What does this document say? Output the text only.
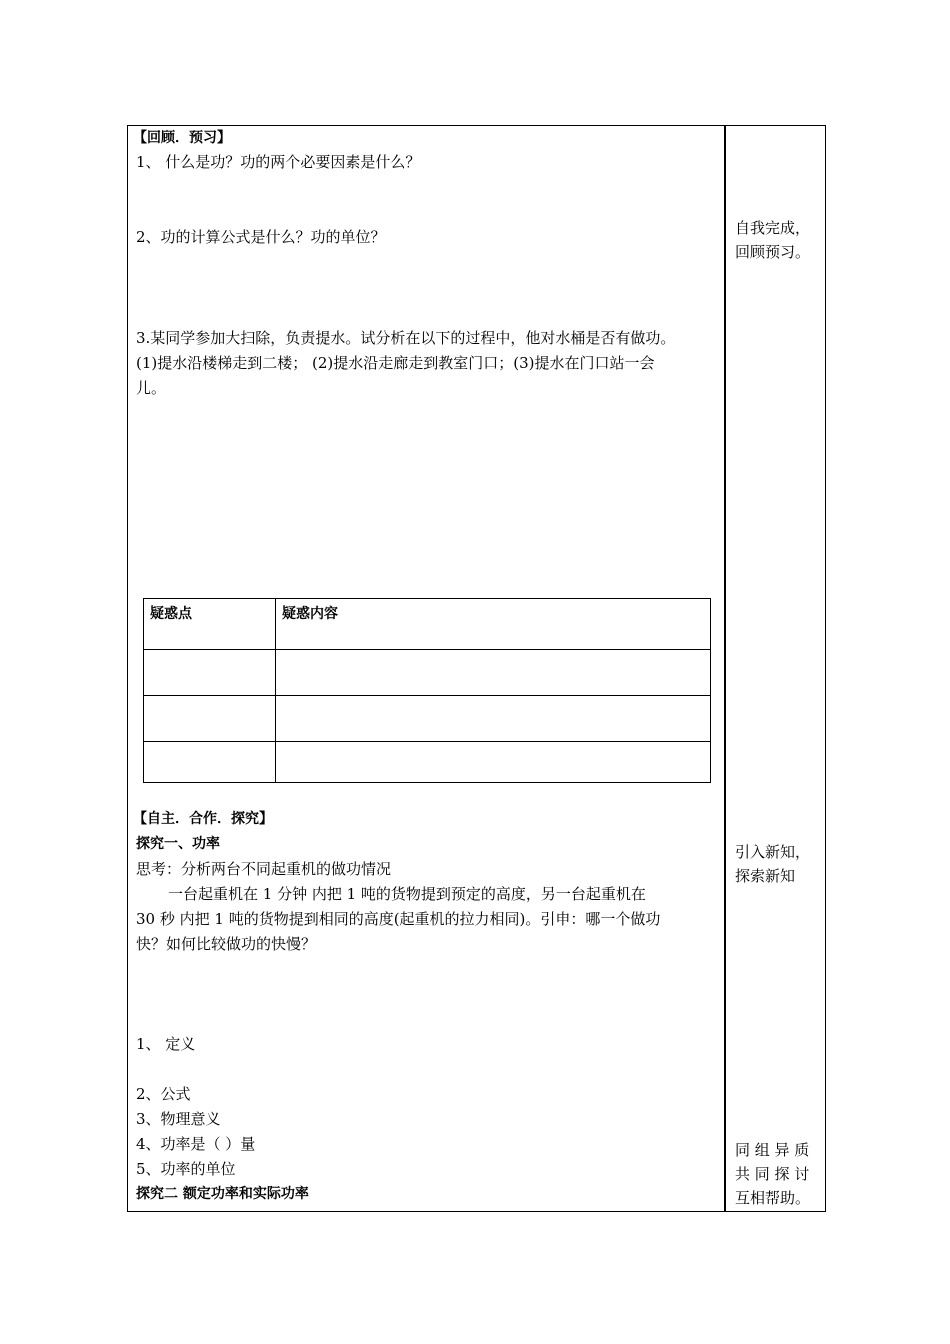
【回顾．预习】
1、 什么是功？功的两个必要因素是什么？
2、功的计算公式是什么？功的单位？
3.某同学参加大扫除，负责提水。试分析在以下的过程中，他对水桶是否有做功。
(1)提水沿楼梯走到二楼； (2)提水沿走廊走到教室门口；(3)提水在门口站一会
儿。
疑惑点	疑惑内容

【自主．合作．探究】
探究一、功率
思考：分析两台不同起重机的做功情况
一台起重机在 1 分钟 内把 1 吨的货物提到预定的高度，另一台起重机在
30 秒 内把 1 吨的货物提到相同的高度(起重机的拉力相同)。引申：哪一个做功
快？如何比较做功的快慢？
1、 定义
2、公式
3、物理意义
4、功率是（ ）量
5、功率的单位
探究二 额定功率和实际功率
自我完成，
回顾预习。
引入新知，
探索新知
同 组 异 质
共 同 探 讨
互相帮助。
